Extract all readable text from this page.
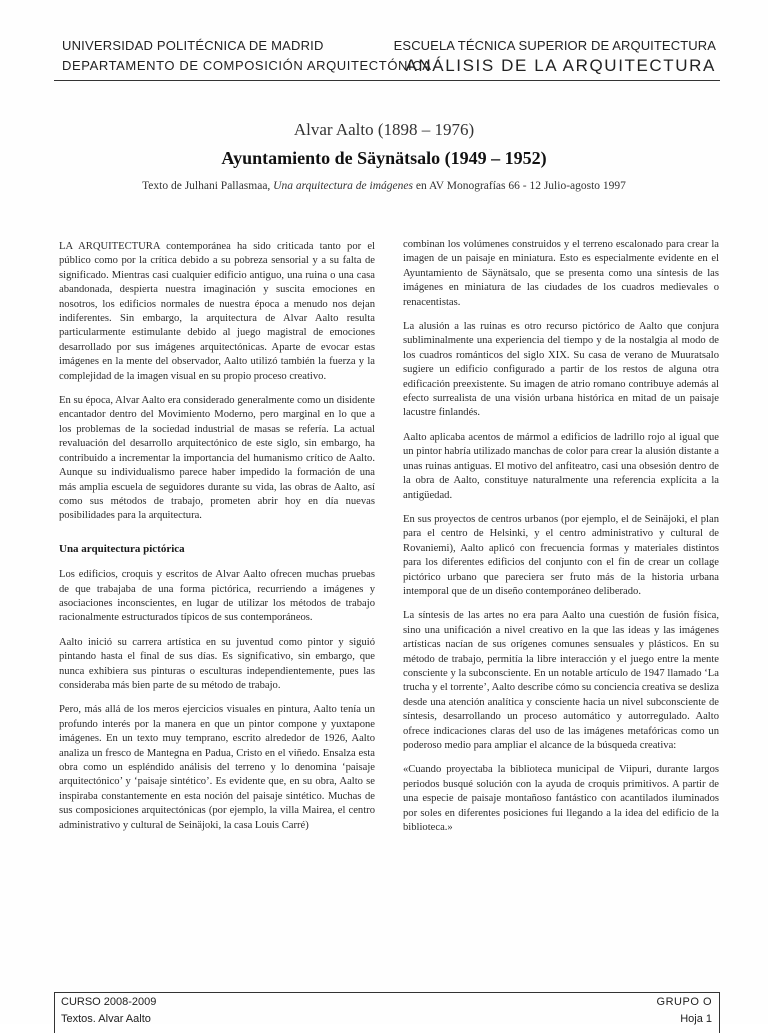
UNIVERSIDAD POLITÉCNICA DE MADRID
DEPARTAMENTO DE COMPOSICIÓN ARQUITECTÓNICA
ESCUELA TÉCNICA SUPERIOR DE ARQUITECTURA
ANÁLISIS DE LA ARQUITECTURA
Alvar Aalto (1898 – 1976)
Ayuntamiento de Säynätsalo (1949 – 1952)
Texto de Julhani Pallasmaa, Una arquitectura de imágenes en AV Monografías 66 - 12 Julio-agosto 1997

LA ARQUITECTURA contemporánea ha sido criticada tanto por el público como por la crítica debido a su pobreza sensorial y a su falta de significado. Mientras casi cualquier edificio antiguo, una ruina o una casa abandonada, despierta nuestra imaginación y suscita emociones en nosotros, los edificios normales de nuestra época a menudo nos dejan indiferentes. Sin embargo, la arquitectura de Alvar Aalto resulta particularmente estimulante debido al juego magistral de emociones desarrollado por sus imágenes arquitectónicas. Aparte de evocar estas imágenes en la mente del observador, Aalto utilizó también la fuerza y la complejidad de la imagen visual en su propio proceso creativo.

En su época, Alvar Aalto era considerado generalmente como un disidente encantador dentro del Movimiento Moderno, pero marginal en lo que a los problemas de la sociedad industrial de masas se refería. La actual revaluación del desarrollo arquitectónico de este siglo, sin embargo, ha contribuido a incrementar la importancia del humanismo crítico de Aalto. Aunque su individualismo parece haber impedido la formación de una más amplia escuela de seguidores durante su vida, las obras de Aalto, así como sus métodos de trabajo, prometen abrir hoy en día nuevas posibilidades para la arquitectura.

Una arquitectura pictórica

Los edificios, croquis y escritos de Alvar Aalto ofrecen muchas pruebas de que trabajaba de una forma pictórica, recurriendo a imágenes y asociaciones inconscientes, en lugar de utilizar los métodos de trabajo racionalmente estructurados típicos de sus contemporáneos.

Aalto inició su carrera artística en su juventud como pintor y siguió pintando hasta el final de sus días. Es significativo, sin embargo, que nunca exhibiera sus pinturas o esculturas independientemente, pues las consideraba más bien parte de su método de trabajo.

Pero, más allá de los meros ejercicios visuales en pintura, Aalto tenía un profundo interés por la manera en que un pintor compone y yuxtapone imágenes. En un texto muy temprano, escrito alrededor de 1926, Aalto analiza un fresco de Mantegna en Padua, Cristo en el viñedo. Ensalza esta obra como un espléndido análisis del terreno y lo denomina ‘paisaje arquitectónico’ y ‘paisaje sintético’. Es evidente que, en su obra, Aalto se inspiraba constantemente en esta noción del paisaje sintético. Muchas de sus composiciones arquitectónicas (por ejemplo, la villa Mairea, el centro administrativo y cultural de Seinäjoki, la casa Louis Carré)

combinan los volúmenes construidos y el terreno escalonado para crear la imagen de un paisaje en miniatura. Esto es especialmente evidente en el Ayuntamiento de Säynätsalo, que se presenta como una síntesis de las imágenes en miniatura de las ciudades de los cuadros medievales o renacentistas.

La alusión a las ruinas es otro recurso pictórico de Aalto que conjura subliminalmente una experiencia del tiempo y de la nostalgia al modo de los cuadros románticos del siglo XIX. Su casa de verano de Muuratsalo sugiere un edificio configurado a partir de los restos de alguna otra edificación preexistente. Su imagen de atrio romano contribuye además al efecto surrealista de una visión urbana histórica en mitad de un paisaje lacustre finlandés.

Aalto aplicaba acentos de mármol a edificios de ladrillo rojo al igual que un pintor habría utilizado manchas de color para crear la alusión distante a unas ruinas antiguas. El motivo del anfiteatro, casi una obsesión dentro de la obra de Aalto, constituye naturalmente una referencia explícita a la antigüedad.

En sus proyectos de centros urbanos (por ejemplo, el de Seinäjoki, el plan para el centro de Helsinki, y el centro administrativo y cultural de Rovaniemi), Aalto aplicó con frecuencia formas y materiales distintos para los diferentes edificios del conjunto con el fin de crear un collage pictórico urbano que pareciera ser fruto más de la historia urbana intemporal que de un diseño contemporáneo deliberado.

La síntesis de las artes no era para Aalto una cuestión de fusión física, sino una unificación a nivel creativo en la que las ideas y las imágenes artísticas nacían de sus orígenes comunes sensuales y plásticos. En su método de trabajo, permitía la libre interacción y el juego entre la mente consciente y la subconsciente. En un notable artículo de 1947 llamado ‘La trucha y el torrente’, Aalto describe cómo su conciencia creativa se desliza desde una atención analítica y consciente hacia un nivel subconsciente de síntesis, desarrollando un proceso automático y autorregulado. Aalto ofrece indicaciones claras del uso de las imágenes metafóricas como un poderoso medio para ampliar el alcance de la búsqueda creativa:

«Cuando proyectaba la biblioteca municipal de Viipuri, durante largos periodos busqué solución con la ayuda de croquis primitivos. A partir de una especie de paisaje montañoso fantástico con acantilados iluminados por soles en diferentes posiciones fui llegando a la idea del edificio de la biblioteca.»

CURSO 2008-2009	GRUPO O
Textos. Alvar Aalto	Hoja 1
